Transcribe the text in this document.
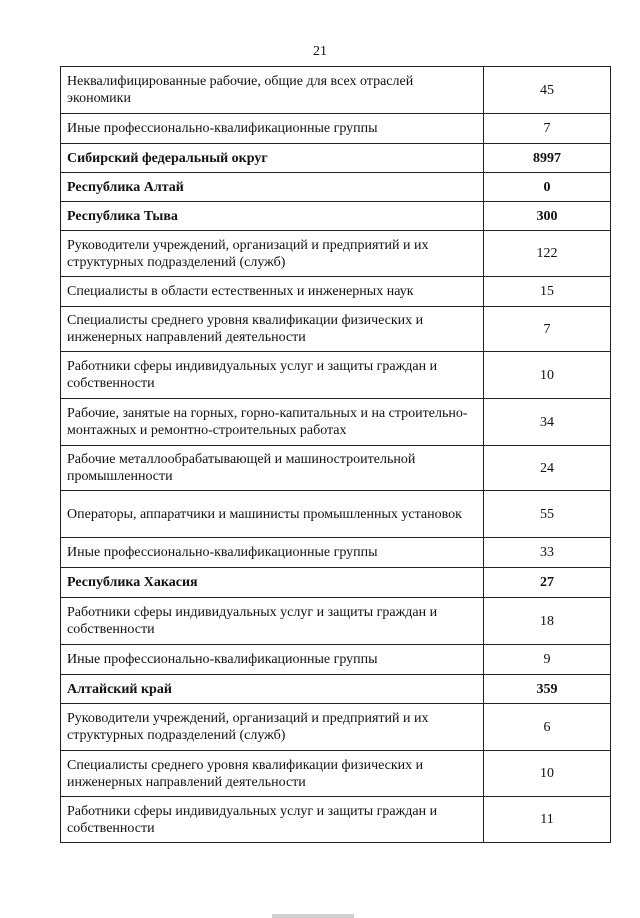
21
Неквалифицированные рабочие, общие для всех отраслей экономики	45
Иные профессионально-квалификационные группы	7
Сибирский федеральный округ	8997
Республика Алтай	0
Республика Тыва	300
Руководители учреждений, организаций и предприятий и их структурных подразделений (служб)	122
Специалисты в области естественных и инженерных наук	15
Специалисты среднего уровня квалификации физических и инженерных направлений деятельности	7
Работники сферы индивидуальных услуг и защиты граждан и собственности	10
Рабочие, занятые на горных, горно-капитальных и на строительно-монтажных и ремонтно-строительных работах	34
Рабочие металлообрабатывающей и машиностроительной промышленности	24
Операторы, аппаратчики и машинисты промышленных установок	55
Иные профессионально-квалификационные группы	33
Республика Хакасия	27
Работники сферы индивидуальных услуг и защиты граждан и собственности	18
Иные профессионально-квалификационные группы	9
Алтайский край	359
Руководители учреждений, организаций и предприятий и их структурных подразделений (служб)	6
Специалисты среднего уровня квалификации физических и инженерных направлений деятельности	10
Работники сферы индивидуальных услуг и защиты граждан и собственности	11
